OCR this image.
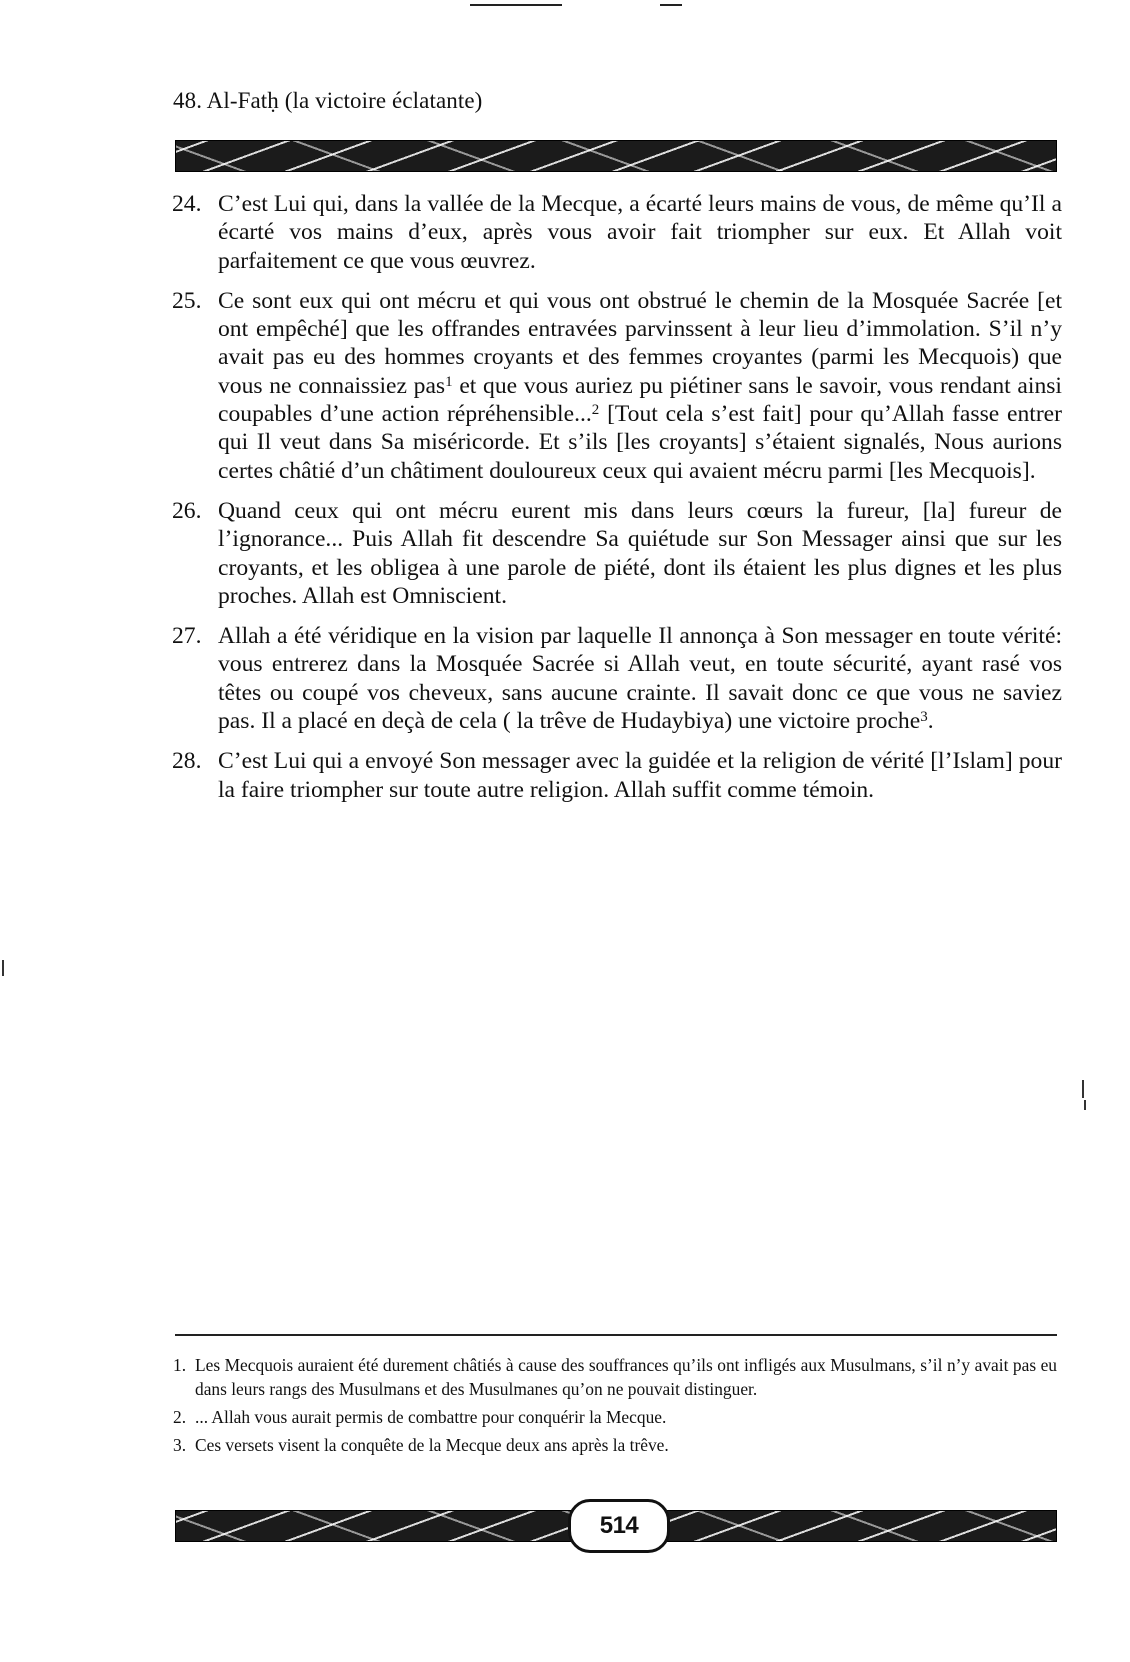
48. Al-Fatḥ (la victoire éclatante)
24. C’est Lui qui, dans la vallée de la Mecque, a écarté leurs mains de vous, de même qu’Il a écarté vos mains d’eux, après vous avoir fait triompher sur eux. Et Allah voit parfaitement ce que vous œuvrez.
25. Ce sont eux qui ont mécru et qui vous ont obstrué le chemin de la Mosquée Sacrée [et ont empêché] que les offrandes entravées parvinssent à leur lieu d’immolation. S’il n’y avait pas eu des hommes croyants et des femmes croyantes (parmi les Mecquois) que vous ne connaissiez pas$^1$ et que vous auriez pu piétiner sans le savoir, vous rendant ainsi coupables d’une action répréhensible...$^2$ [Tout cela s’est fait] pour qu’Allah fasse entrer qui Il veut dans Sa miséricorde. Et s’ils [les croyants] s’étaient signalés, Nous aurions certes châtié d’un châtiment douloureux ceux qui avaient mécru parmi [les Mecquois].
26. Quand ceux qui ont mécru eurent mis dans leurs cœurs la fureur, [la] fureur de l’ignorance... Puis Allah fit descendre Sa quiétude sur Son Messager ainsi que sur les croyants, et les obligea à une parole de piété, dont ils étaient les plus dignes et les plus proches. Allah est Omniscient.
27. Allah a été véridique en la vision par laquelle Il annonça à Son messager en toute vérité: vous entrerez dans la Mosquée Sacrée si Allah veut, en toute sécurité, ayant rasé vos têtes ou coupé vos cheveux, sans aucune crainte. Il savait donc ce que vous ne saviez pas. Il a placé en deçà de cela ( la trêve de Hudaybiya) une victoire proche$^3$.
28. C’est Lui qui a envoyé Son messager avec la guidée et la religion de vérité [l’Islam] pour la faire triompher sur toute autre religion. Allah suffit comme témoin.
1. Les Mecquois auraient été durement châtiés à cause des souffrances qu’ils ont infligés aux Musulmans, s’il n’y avait pas eu dans leurs rangs des Musulmans et des Musulmanes qu’on ne pouvait distinguer.
2. ... Allah vous aurait permis de combattre pour conquérir la Mecque.
3. Ces versets visent la conquête de la Mecque deux ans après la trêve.
514
